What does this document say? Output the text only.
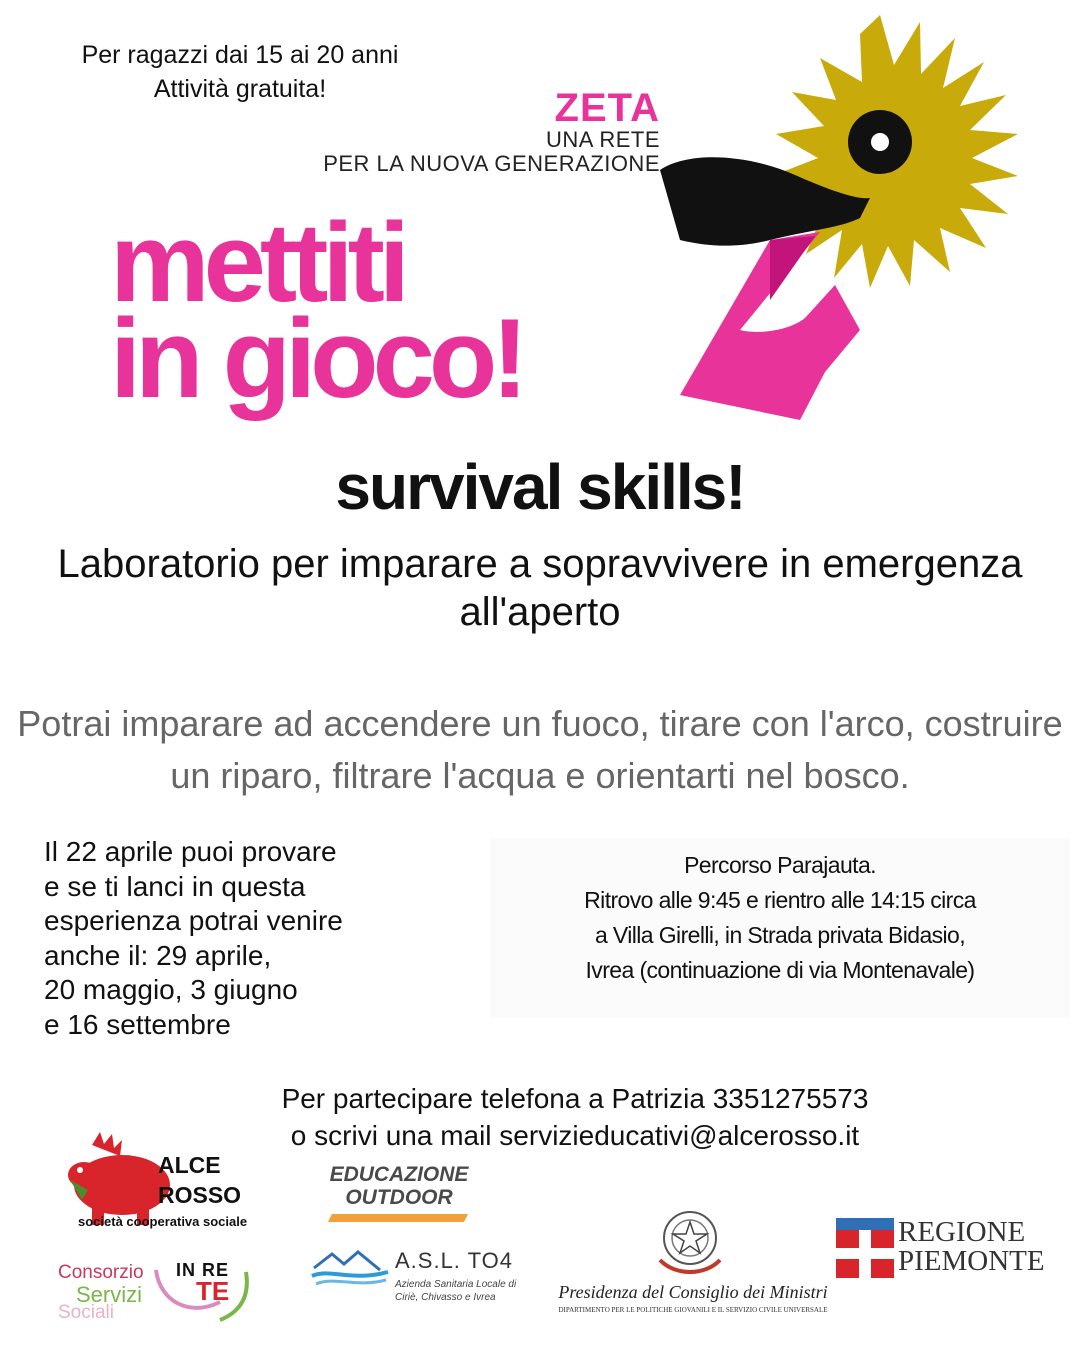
Per ragazzi dai 15 ai 20 anni
Attività gratuita!	ZETA
UNA RETE
PER LA NUOVA GENERAZIONE
mettiti
in gioco!
survival skills!
Laboratorio per imparare a sopravvivere in emergenza all'aperto
Potrai imparare ad accendere un fuoco, tirare con l'arco, costruire un riparo, filtrare l'acqua e orientarti nel bosco.
Il 22 aprile puoi provare
e se ti lanci in questa
esperienza potrai venire
anche il: 29 aprile,
20 maggio, 3 giugno
e 16 settembre
Percorso Parajauta.
Ritrovo alle 9:45 e rientro alle 14:15 circa
a Villa Girelli, in Strada privata Bidasio,
Ivrea (continuazione di via Montenavale)
Per partecipare telefona a Patrizia 3351275573
o scrivi una mail servizieducativi@alcerosso.it
ALCE
ROSSO
società cooperativa sociale
EDUCAZIONE
OUTDOOR
Consorzio
Servizi
Sociali
IN RE
TE
A.S.L. TO4
Azienda Sanitaria Locale di Ciriè, Chivasso e Ivrea	Presidenza del Consiglio dei Ministri
DIPARTIMENTO PER LE POLITICHE GIOVANILI E IL SERVIZIO CIVILE UNIVERSALE
REGIONE
PIEMONTE
